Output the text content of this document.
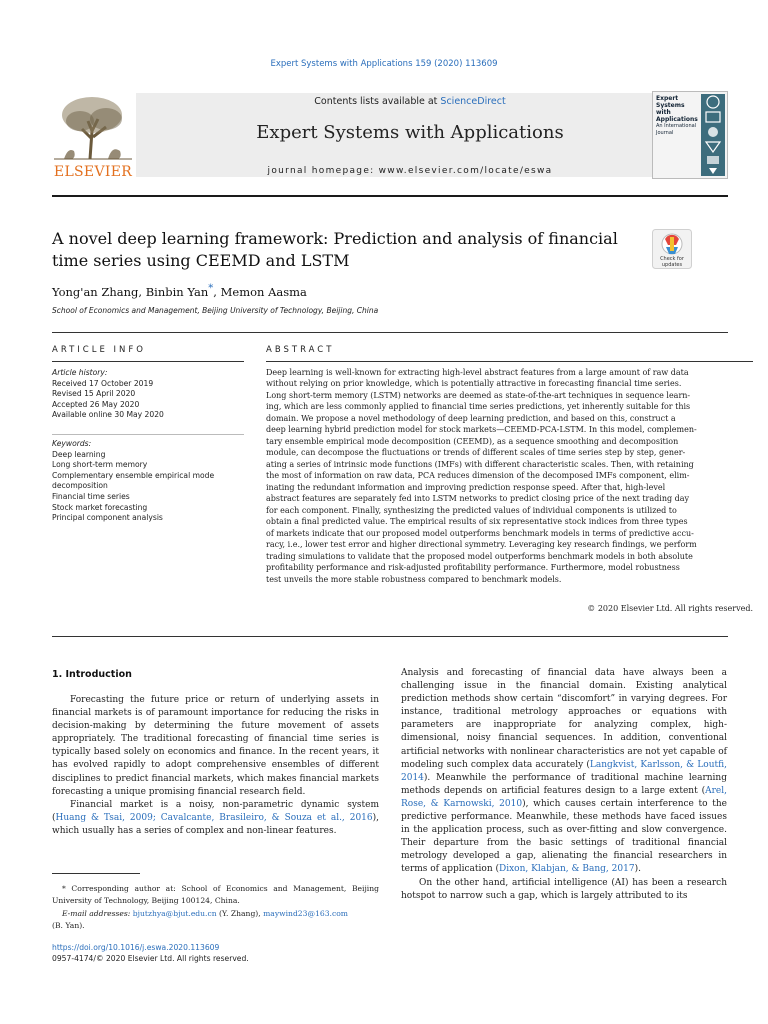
Expert Systems with Applications 159 (2020) 113609
ELSEVIER
Contents lists available at ScienceDirect
Expert Systems with Applications
journal homepage: www.elsevier.com/locate/eswa
Expert
Systems
with
Applications
An International
Journal
A novel deep learning framework: Prediction and analysis of financial
time series using CEEMD and LSTM	Check for updates
Yong'an Zhang, Binbin Yan*, Memon Aasma
School of Economics and Management, Beijing University of Technology, Beijing, China
ARTICLE INFO
Article history:
Received 17 October 2019
Revised 15 April 2020
Accepted 26 May 2020
Available online 30 May 2020
Keywords:
Deep learning
Long short-term memory
Complementary ensemble empirical mode
decomposition
Financial time series
Stock market forecasting
Principal component analysis
ABSTRACT
Deep learning is well-known for extracting high-level abstract features from a large amount of raw data
without relying on prior knowledge, which is potentially attractive in forecasting financial time series.
Long short-term memory (LSTM) networks are deemed as state-of-the-art techniques in sequence learn-
ing, which are less commonly applied to financial time series predictions, yet inherently suitable for this
domain. We propose a novel methodology of deep learning prediction, and based on this, construct a
deep learning hybrid prediction model for stock markets—CEEMD-PCA-LSTM. In this model, complemen-
tary ensemble empirical mode decomposition (CEEMD), as a sequence smoothing and decomposition
module, can decompose the fluctuations or trends of different scales of time series step by step, gener-
ating a series of intrinsic mode functions (IMFs) with different characteristic scales. Then, with retaining
the most of information on raw data, PCA reduces dimension of the decomposed IMFs component, elim-
inating the redundant information and improving prediction response speed. After that, high-level
abstract features are separately fed into LSTM networks to predict closing price of the next trading day
for each component. Finally, synthesizing the predicted values of individual components is utilized to
obtain a final predicted value. The empirical results of six representative stock indices from three types
of markets indicate that our proposed model outperforms benchmark models in terms of predictive accu-
racy, i.e., lower test error and higher directional symmetry. Leveraging key research findings, we perform
trading simulations to validate that the proposed model outperforms benchmark models in both absolute
profitability performance and risk-adjusted profitability performance. Furthermore, model robustness
test unveils the more stable robustness compared to benchmark models.
© 2020 Elsevier Ltd. All rights reserved.
1. Introduction

Forecasting the future price or return of underlying assets in financial markets is of paramount importance for reducing the risks in decision-making by determining the future movement of assets appropriately. The traditional forecasting of financial time series is typically based solely on economics and finance. In the recent years, it has evolved rapidly to adopt comprehensive ensembles of different disciplines to predict financial markets, which makes financial markets forecasting a unique promising financial research field.

Financial market is a noisy, non-parametric dynamic system (Huang & Tsai, 2009; Cavalcante, Brasileiro, & Souza et al., 2016), which usually has a series of complex and non-linear features.

Analysis and forecasting of financial data have always been a challenging issue in the financial domain. Existing analytical prediction methods show certain “discomfort” in varying degrees. For instance, traditional metrology approaches or equations with parameters are inappropriate for analyzing complex, high-dimensional, noisy financial sequences. In addition, conventional artificial networks with nonlinear characteristics are not yet capable of modeling such complex data accurately (Langkvist, Karlsson, & Loutfi, 2014). Meanwhile the performance of traditional machine learning methods depends on artificial features design to a large extent (Arel, Rose, & Karnowski, 2010), which causes certain interference to the predictive performance. Meanwhile, these methods have faced issues in the application process, such as over-fitting and slow convergence. Their departure from the basic settings of traditional financial metrology developed a gap, alienating the financial researchers in terms of application (Dixon, Klabjan, & Bang, 2017).

On the other hand, artificial intelligence (AI) has been a research hotspot to narrow such a gap, which is largely attributed to its

* Corresponding author at: School of Economics and Management, Beijing University of Technology, Beijing 100124, China.
E-mail addresses: bjutzhya@bjut.edu.cn (Y. Zhang), maywind23@163.com
(B. Yan).
https://doi.org/10.1016/j.eswa.2020.113609
0957-4174/© 2020 Elsevier Ltd. All rights reserved.
